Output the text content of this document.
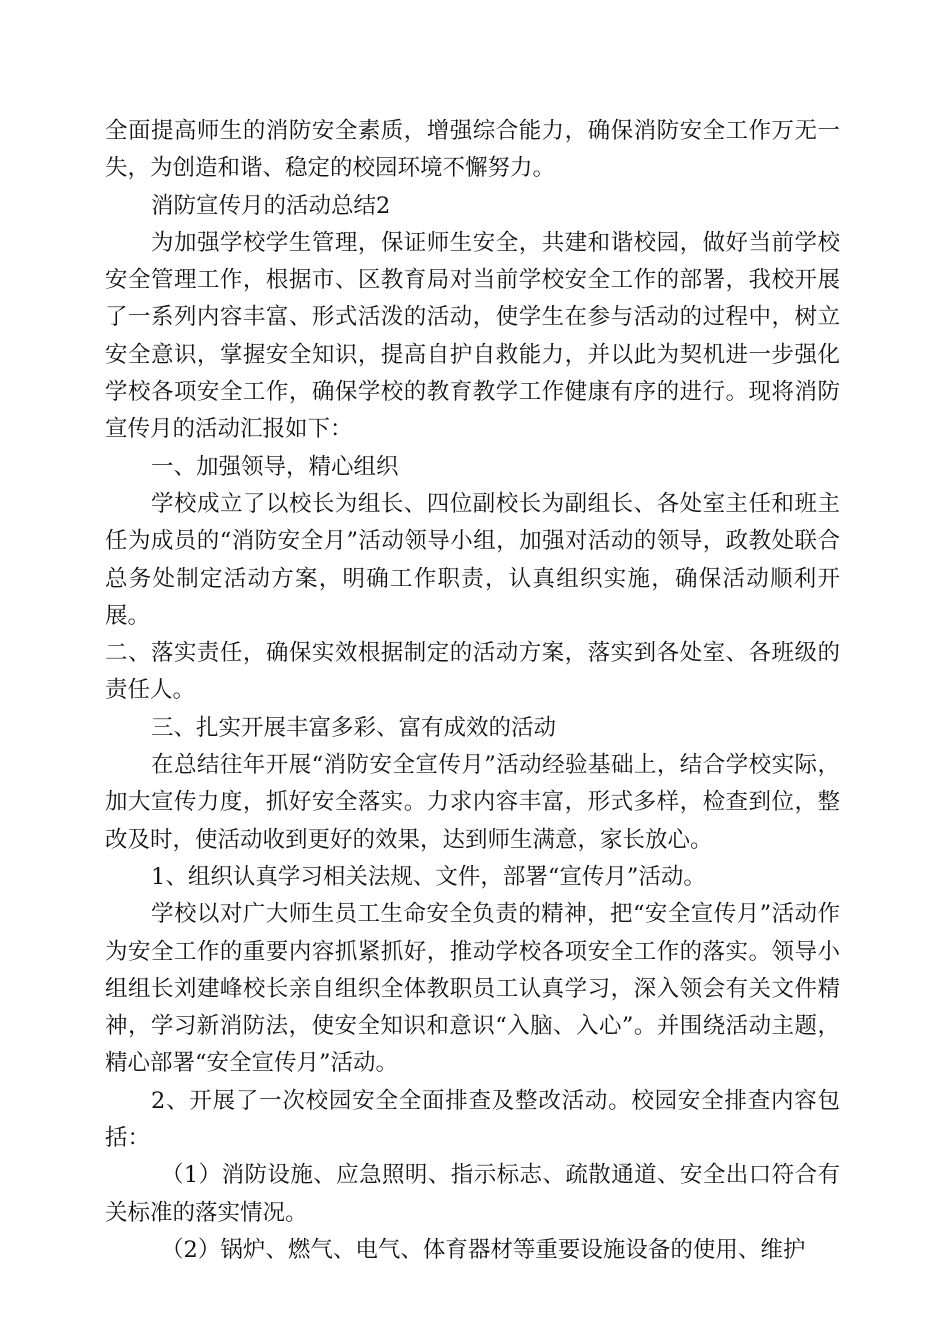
全面提高师生的消防安全素质，增强综合能力，确保消防安全工作万无一失，为创造和谐、稳定的校园环境不懈努力。

消防宣传月的活动总结2

为加强学校学生管理，保证师生安全，共建和谐校园，做好当前学校安全管理工作，根据市、区教育局对当前学校安全工作的部署，我校开展了一系列内容丰富、形式活泼的活动，使学生在参与活动的过程中，树立安全意识，掌握安全知识，提高自护自救能力，并以此为契机进一步强化学校各项安全工作，确保学校的教育教学工作健康有序的进行。现将消防宣传月的活动汇报如下：

一、加强领导，精心组织

学校成立了以校长为组长、四位副校长为副组长、各处室主任和班主任为成员的“消防安全月”活动领导小组，加强对活动的领导，政教处联合总务处制定活动方案，明确工作职责，认真组织实施，确保活动顺利开展。

二、落实责任，确保实效根据制定的活动方案，落实到各处室、各班级的责任人。

三、扎实开展丰富多彩、富有成效的活动

在总结往年开展“消防安全宣传月”活动经验基础上，结合学校实际，加大宣传力度，抓好安全落实。力求内容丰富，形式多样，检查到位，整改及时，使活动收到更好的效果，达到师生满意，家长放心。

1、组织认真学习相关法规、文件，部署“宣传月”活动。

学校以对广大师生员工生命安全负责的精神，把“安全宣传月”活动作为安全工作的重要内容抓紧抓好，推动学校各项安全工作的落实。领导小组组长刘建峰校长亲自组织全体教职员工认真学习，深入领会有关文件精神，学习新消防法，使安全知识和意识“入脑、入心”。并围绕活动主题，精心部署“安全宣传月”活动。

2、开展了一次校园安全全面排查及整改活动。校园安全排查内容包括：

（1）消防设施、应急照明、指示标志、疏散通道、安全出口符合有关标准的落实情况。

（2）锅炉、燃气、电气、体育器材等重要设施设备的使用、维护
